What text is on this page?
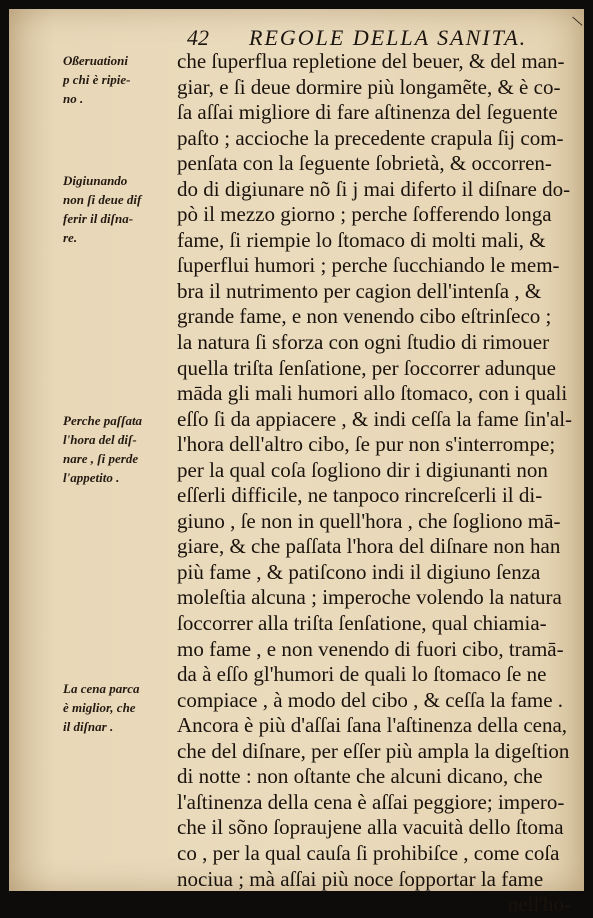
\
42 REGOLE DELLA SANITA.
Oßeruationi
p chi è ripie-
no .
Digiunando
non ſi deue dif
ferir il diſna-
re.
Perche paſſata
l'hora del diſ-
nare , ſi perde
l'appetito .
La cena parca
è miglior, che
il diſnar .
che ſuperflua repletione del beuer, & del man-
giar, e ſi deue dormire più longamẽte, & è co-
ſa aſſai migliore di fare aſtinenza del ſeguente
paſto ; accioche la precedente crapula ſij com-
penſata con la ſeguente ſobrietà, & occorren-
do di digiunare nõ ſi j mai diferto il diſnare do-
pò il mezzo giorno ; perche ſofferendo longa
fame, ſi riempie lo ſtomaco di molti mali, &
ſuperflui humori ; perche ſucchiando le mem-
bra il nutrimento per cagion dell'intenſa , &
grande fame, e non venendo cibo eſtrinſeco ;
la natura ſi sforza con ogni ſtudio di rimouer
quella triſta ſenſatione, per ſoccorrer adunque
māda gli mali humori allo ſtomaco, con i quali
eſſo ſi da appiacere , & indi ceſſa la fame ſin'al-
l'hora dell'altro cibo, ſe pur non s'interrompe;
per la qual coſa ſogliono dir i digiunanti non
eſſerli difficile, ne tanpoco rincreſcerli il di-
giuno , ſe non in quell'hora , che ſogliono mā-
giare, & che paſſata l'hora del diſnare non han
più fame , & patiſcono indi il digiuno ſenza
moleſtia alcuna ; imperoche volendo la natura
ſoccorrer alla triſta ſenſatione, qual chiamia-
mo fame , e non venendo di fuori cibo, tramā-
da à eſſo gl'humori de quali lo ſtomaco ſe ne
compiace , à modo del cibo , & ceſſa la fame .
Ancora è più d'aſſai ſana l'aſtinenza della cena,
che del diſnare, per eſſer più ampla la digeſtion
di notte : non oſtante che alcuni dicano, che
l'aſtinenza della cena è aſſai peggiore; impero-
che il sõno ſopraujene alla vacuità dello ſtoma
co , per la qual cauſa ſi prohibiſce , come coſa
nociua ; mà aſſai più noce ſopportar la fame
nell'ho-
